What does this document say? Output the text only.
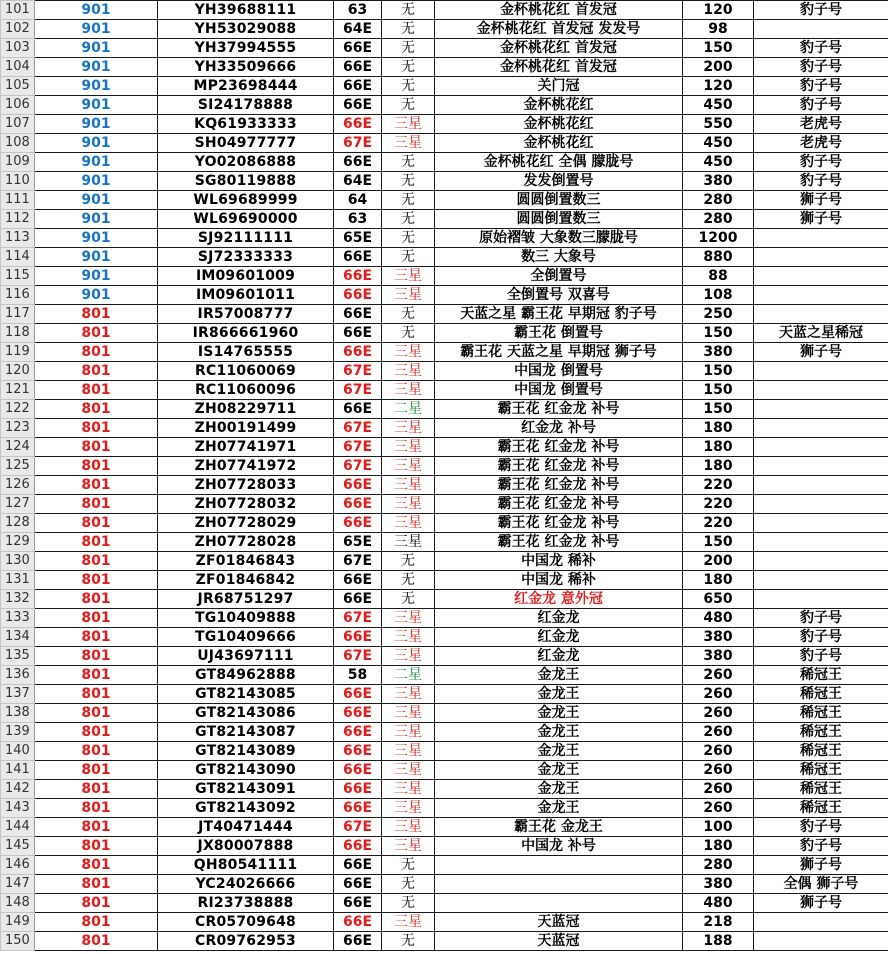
101	901	YH39688111	63	无	金杯桃花红 首发冠	120	豹子号
102	901	YH53029088	64E	无	金杯桃花红 首发冠 发发号	98	
103	901	YH37994555	66E	无	金杯桃花红 首发冠	150	豹子号
104	901	YH33509666	66E	无	金杯桃花红 首发冠	200	豹子号
105	901	MP23698444	66E	无	关门冠	120	豹子号
106	901	SI24178888	66E	无	金杯桃花红	450	豹子号
107	901	KQ61933333	66E	三星	金杯桃花红	550	老虎号
108	901	SH04977777	67E	三星	金杯桃花红	450	老虎号
109	901	YO02086888	66E	无	金杯桃花红 全偶 朦胧号	450	豹子号
110	901	SG80119888	64E	无	发发倒置号	380	豹子号
111	901	WL69689999	64	无	圆圆倒置数三	280	狮子号
112	901	WL69690000	63	无	圆圆倒置数三	280	狮子号
113	901	SJ92111111	65E	无	原始褶皱 大象数三朦胧号	1200	
114	901	SJ72333333	66E	无	数三 大象号	880	
115	901	IM09601009	66E	三星	全倒置号	88	
116	901	IM09601011	66E	三星	全倒置号 双喜号	108	
117	801	IR57008777	66E	无	天蓝之星 霸王花 早期冠 豹子号	250	
118	801	IR866661960	66E	无	霸王花 倒置号	150	天蓝之星稀冠
119	801	IS14765555	66E	三星	霸王花 天蓝之星 早期冠 狮子号	380	狮子号
120	801	RC11060069	67E	三星	中国龙 倒置号	150	
121	801	RC11060096	67E	三星	中国龙 倒置号	150	
122	801	ZH08229711	66E	二星	霸王花 红金龙 补号	150	
123	801	ZH00191499	67E	三星	红金龙 补号	180	
124	801	ZH07741971	67E	三星	霸王花 红金龙 补号	180	
125	801	ZH07741972	67E	三星	霸王花 红金龙 补号	180	
126	801	ZH07728033	66E	三星	霸王花 红金龙 补号	220	
127	801	ZH07728032	66E	三星	霸王花 红金龙 补号	220	
128	801	ZH07728029	66E	三星	霸王花 红金龙 补号	220	
129	801	ZH07728028	65E	三星	霸王花 红金龙 补号	150	
130	801	ZF01846843	67E	无	中国龙 稀补	200	
131	801	ZF01846842	66E	无	中国龙 稀补	180	
132	801	JR68751297	66E	无	红金龙 意外冠	650	
133	801	TG10409888	67E	三星	红金龙	480	豹子号
134	801	TG10409666	66E	三星	红金龙	380	豹子号
135	801	UJ43697111	67E	三星	红金龙	380	豹子号
136	801	GT84962888	58	二星	金龙王	260	稀冠王
137	801	GT82143085	66E	三星	金龙王	260	稀冠王
138	801	GT82143086	66E	三星	金龙王	260	稀冠王
139	801	GT82143087	66E	三星	金龙王	260	稀冠王
140	801	GT82143089	66E	三星	金龙王	260	稀冠王
141	801	GT82143090	66E	三星	金龙王	260	稀冠王
142	801	GT82143091	66E	三星	金龙王	260	稀冠王
143	801	GT82143092	66E	三星	金龙王	260	稀冠王
144	801	JT40471444	67E	三星	霸王花 金龙王	100	豹子号
145	801	JX80007888	66E	三星	中国龙 补号	180	豹子号
146	801	QH80541111	66E	无		280	狮子号
147	801	YC24026666	66E	无		380	全偶 狮子号
148	801	RI23738888	66E	无		480	狮子号
149	801	CR05709648	66E	三星	天蓝冠	218	
150	801	CR09762953	66E	无	天蓝冠	188	
